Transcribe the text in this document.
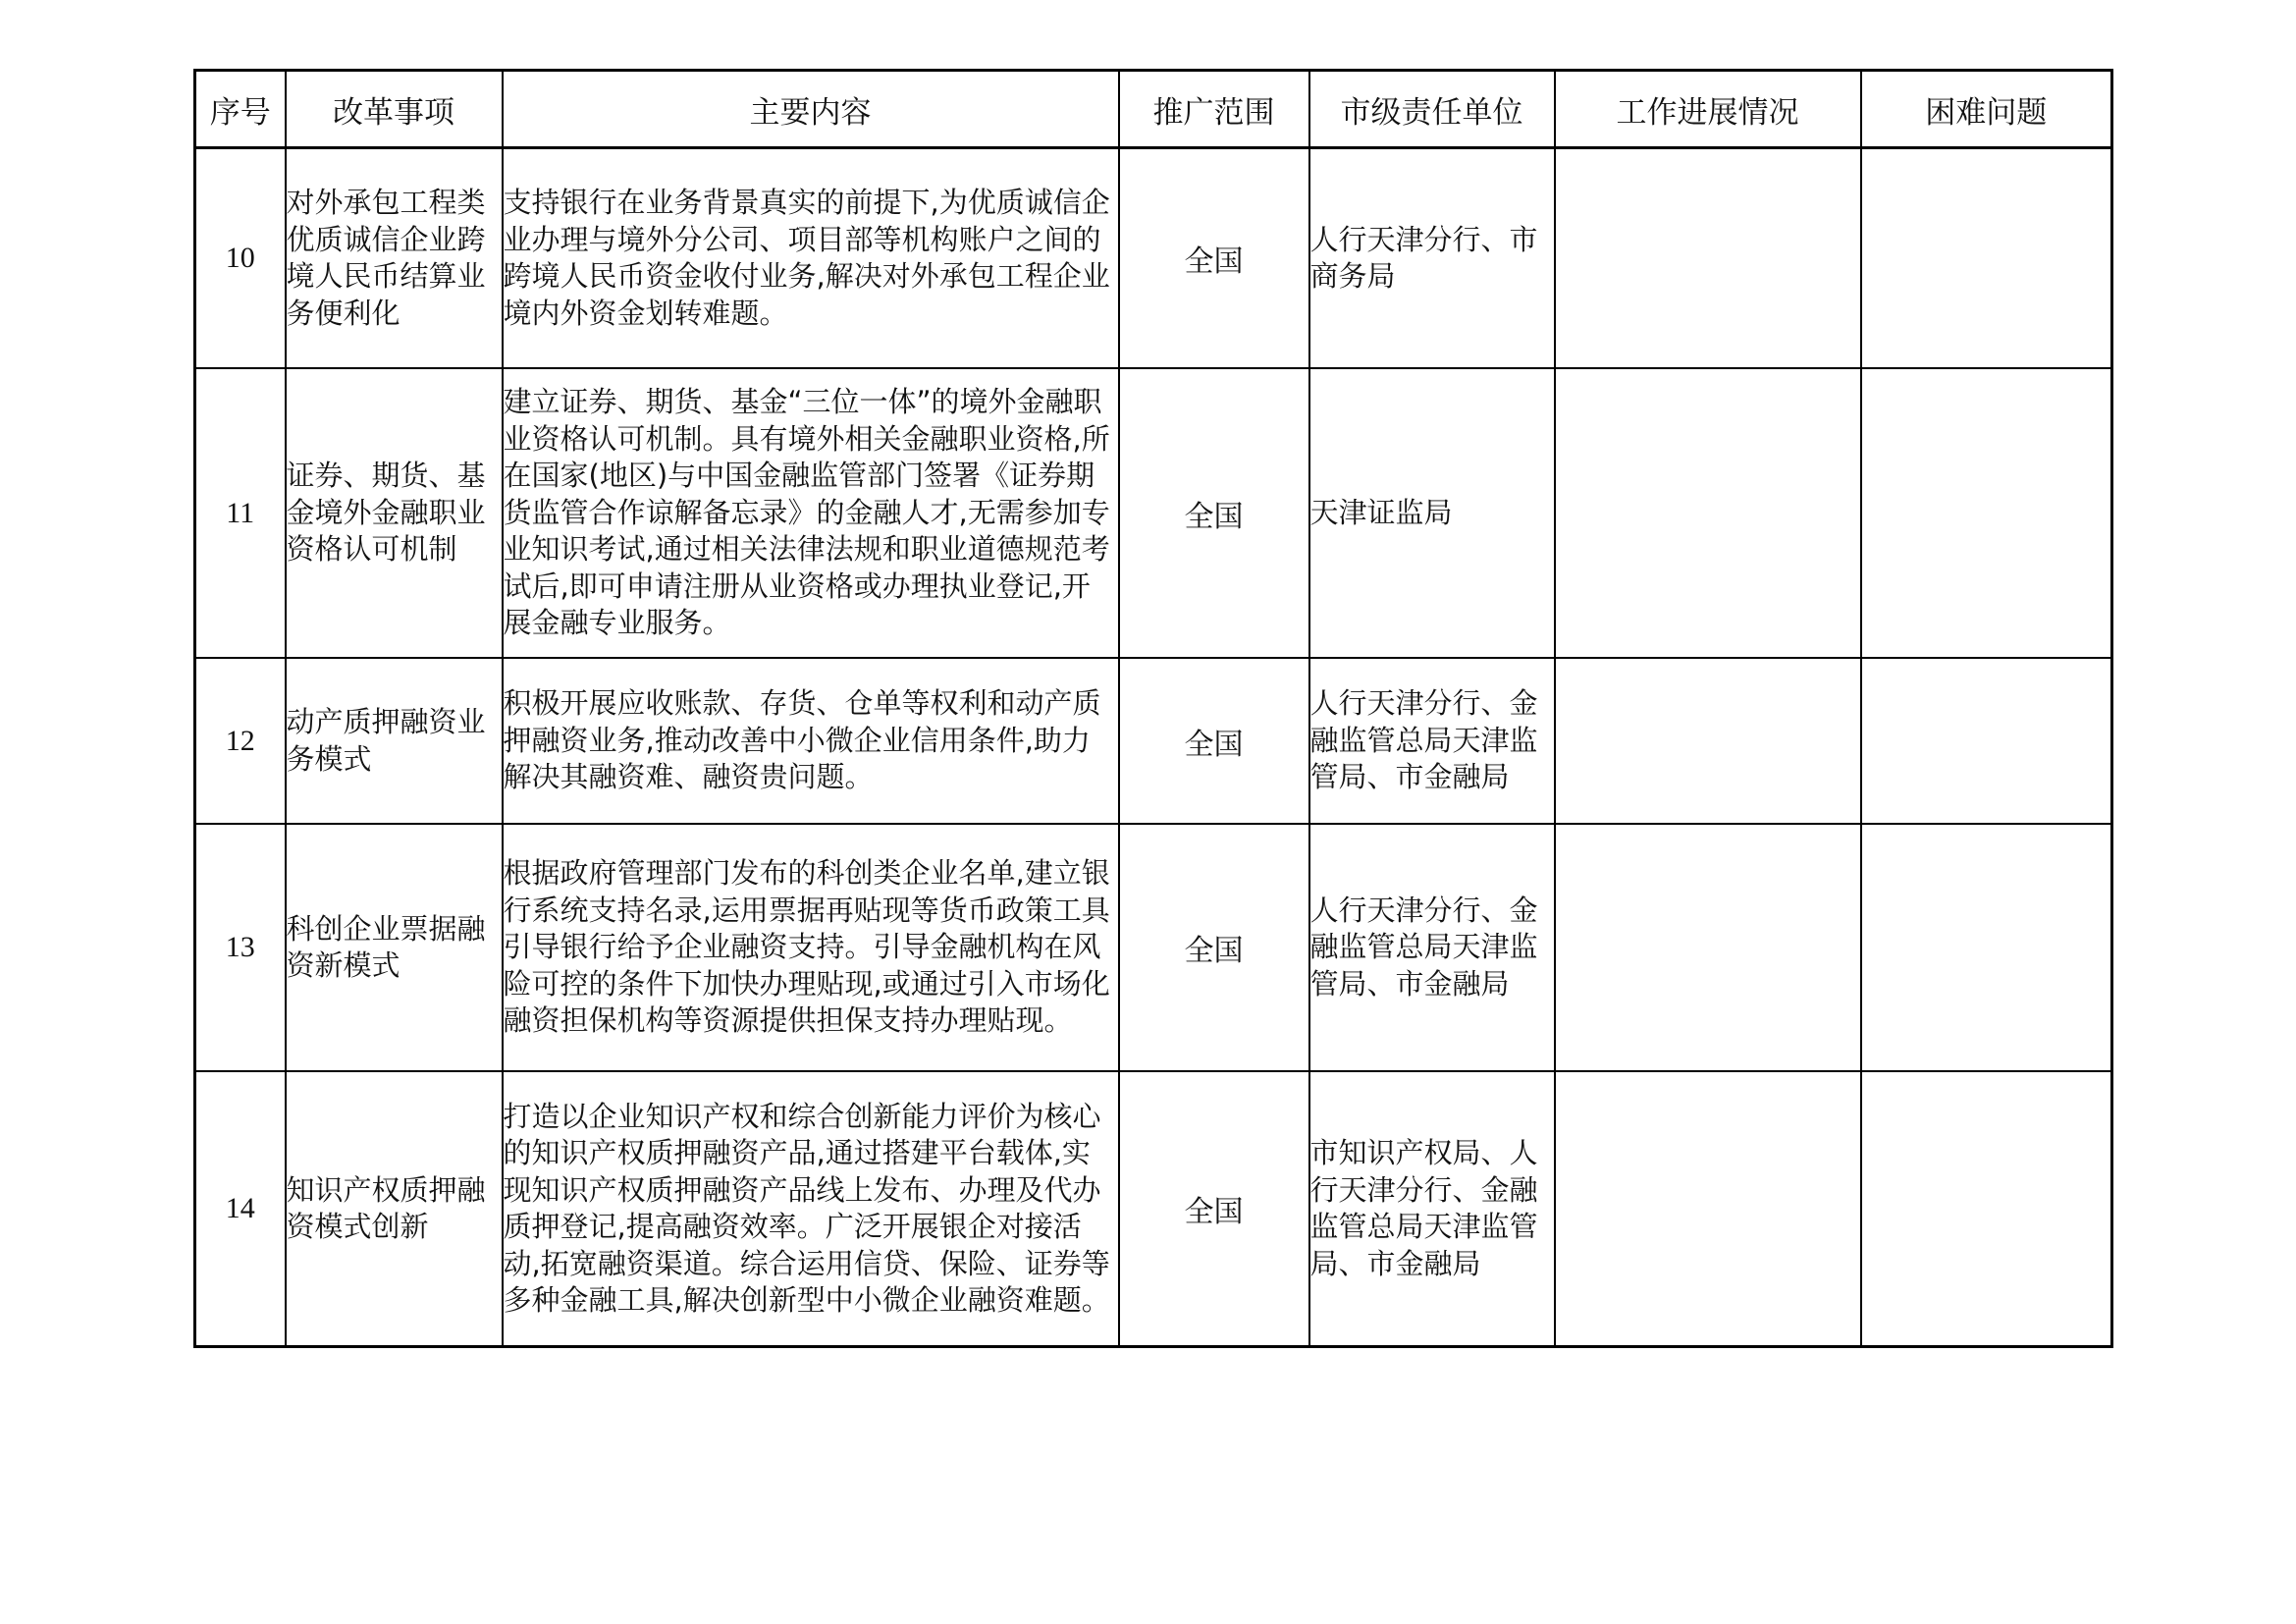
序号	改革事项	主要内容	推广范围	市级责任单位	工作进展情况	困难问题
10	对外承包工程类优质诚信企业跨境人民币结算业务便利化	支持银行在业务背景真实的前提下,为优质诚信企业办理与境外分公司、项目部等机构账户之间的跨境人民币资金收付业务,解决对外承包工程企业境内外资金划转难题。	全国	人行天津分行、市商务局		
11	证券、期货、基金境外金融职业资格认可机制	建立证券、期货、基金“三位一体”的境外金融职业资格认可机制。具有境外相关金融职业资格,所在国家(地区)与中国金融监管部门签署《证券期货监管合作谅解备忘录》的金融人才,无需参加专业知识考试,通过相关法律法规和职业道德规范考试后,即可申请注册从业资格或办理执业登记,开展金融专业服务。	全国	天津证监局		
12	动产质押融资业务模式	积极开展应收账款、存货、仓单等权利和动产质押融资业务,推动改善中小微企业信用条件,助力解决其融资难、融资贵问题。	全国	人行天津分行、金融监管总局天津监管局、市金融局		
13	科创企业票据融资新模式	根据政府管理部门发布的科创类企业名单,建立银行系统支持名录,运用票据再贴现等货币政策工具引导银行给予企业融资支持。引导金融机构在风险可控的条件下加快办理贴现,或通过引入市场化融资担保机构等资源提供担保支持办理贴现。	全国	人行天津分行、金融监管总局天津监管局、市金融局		
14	知识产权质押融资模式创新	打造以企业知识产权和综合创新能力评价为核心的知识产权质押融资产品,通过搭建平台载体,实现知识产权质押融资产品线上发布、办理及代办质押登记,提高融资效率。广泛开展银企对接活动,拓宽融资渠道。综合运用信贷、保险、证券等多种金融工具,解决创新型中小微企业融资难题。	全国	市知识产权局、人行天津分行、金融监管总局天津监管局、市金融局		
